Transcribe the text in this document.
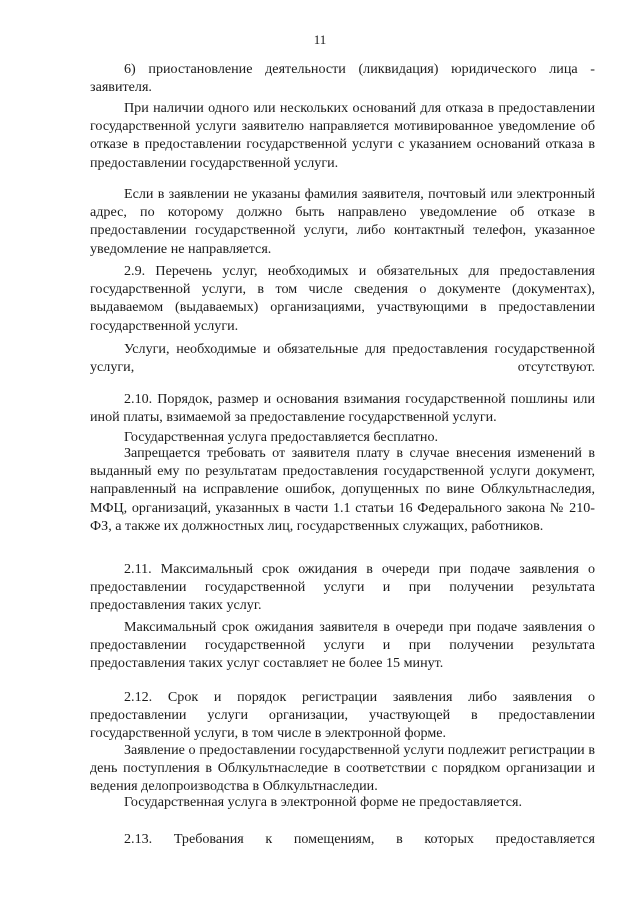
11
6) приостановление деятельности (ликвидация) юридического лица - заявителя.
При наличии одного или нескольких оснований для отказа в предоставлении государственной услуги заявителю направляется мотивированное уведомление об отказе в предоставлении государственной услуги с указанием оснований отказа в предоставлении государственной услуги.
Если в заявлении не указаны фамилия заявителя, почтовый или электронный адрес, по которому должно быть направлено уведомление об отказе в предоставлении государственной услуги, либо контактный телефон, указанное уведомление не направляется.
2.9. Перечень услуг, необходимых и обязательных для предоставления государственной услуги, в том числе сведения о документе (документах), выдаваемом (выдаваемых) организациями, участвующими в предоставлении государственной услуги.
Услуги, необходимые и обязательные для предоставления государственной услуги, отсутствуют.
2.10. Порядок, размер и основания взимания государственной пошлины или иной платы, взимаемой за предоставление государственной услуги.
Государственная услуга предоставляется бесплатно.
Запрещается требовать от заявителя плату в случае внесения изменений в выданный ему по результатам предоставления государственной услуги документ, направленный на исправление ошибок, допущенных по вине Облкультнаследия, МФЦ, организаций, указанных в части 1.1 статьи 16 Федерального закона № 210-ФЗ, а также их должностных лиц, государственных служащих, работников.
2.11. Максимальный срок ожидания в очереди при подаче заявления о предоставлении государственной услуги и при получении результата предоставления таких услуг.
Максимальный срок ожидания заявителя в очереди при подаче заявления о предоставлении государственной услуги и при получении результата предоставления таких услуг составляет не более 15 минут.
2.12. Срок и порядок регистрации заявления либо заявления о предоставлении услуги организации, участвующей в предоставлении государственной услуги, в том числе в электронной форме.
Заявление о предоставлении государственной услуги подлежит регистрации в день поступления в Облкультнаследие в соответствии с порядком организации и ведения делопроизводства в Облкультнаследии.
Государственная услуга в электронной форме не предоставляется.
2.13. Требования к помещениям, в которых предоставляется
